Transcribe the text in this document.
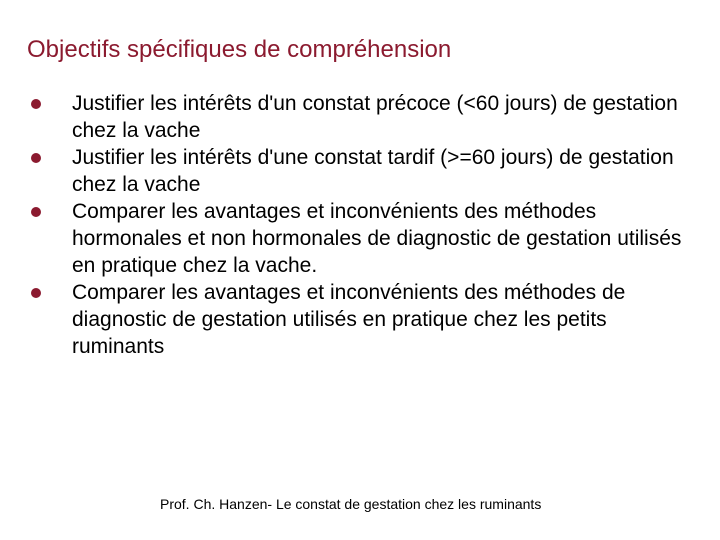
Objectifs spécifiques de compréhension
Justifier les intérêts d'un constat précoce (<60 jours) de gestation chez la vache
Justifier les intérêts d'une constat tardif (>=60 jours) de gestation chez la vache
Comparer les avantages et inconvénients des méthodes hormonales et non hormonales de diagnostic de gestation utilisés en pratique chez la vache.
Comparer les avantages et inconvénients des méthodes de diagnostic de gestation utilisés en pratique chez les petits ruminants
Prof. Ch. Hanzen- Le constat de gestation chez les ruminants
